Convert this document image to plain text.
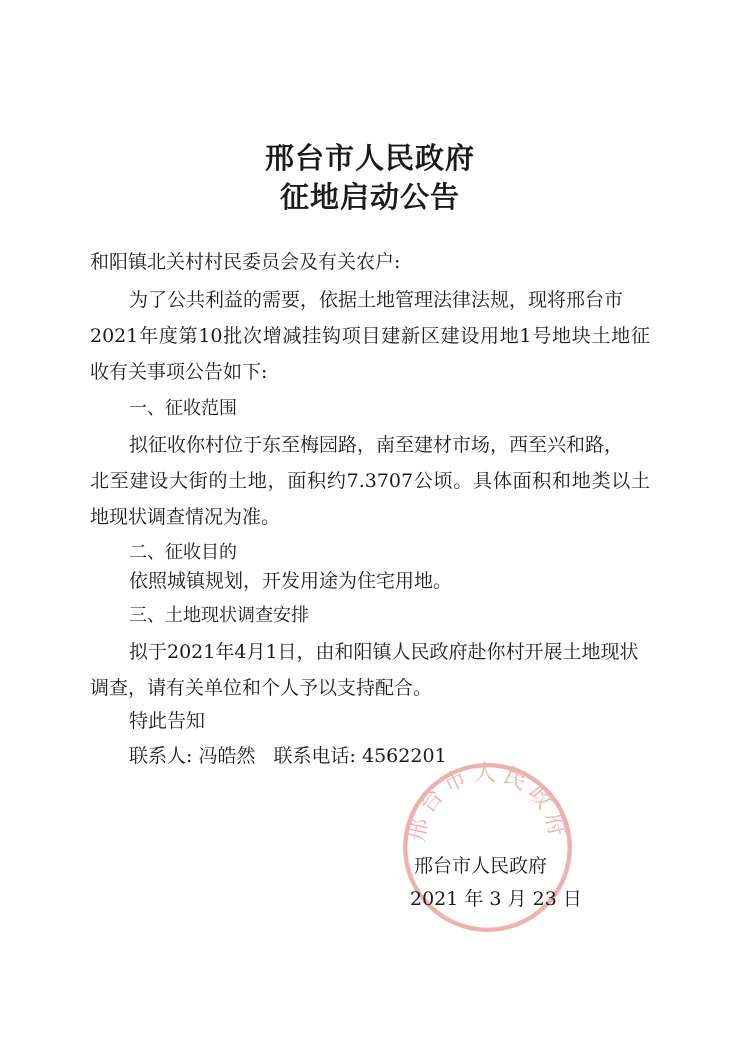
邢台市人民政府
征地启动公告
和阳镇北关村村民委员会及有关农户:
为了公共利益的需要，依据土地管理法律法规，现将邢台市
2021年度第10批次增减挂钩项目建新区建设用地1号地块土地征
收有关事项公告如下:
一、征收范围
拟征收你村位于东至梅园路，南至建材市场，西至兴和路，
北至建设大街的土地，面积约7.3707公顷。具体面积和地类以土
地现状调查情况为准。
二、征收目的
依照城镇规划，开发用途为住宅用地。
三、土地现状调查安排
拟于2021年4月1日，由和阳镇人民政府赴你村开展土地现状
调查，请有关单位和个人予以支持配合。
特此告知
联系人: 冯皓然   联系电话: 4562201
邢台市人民政府
邢台市人民政府
2021 年 3 月 23 日
